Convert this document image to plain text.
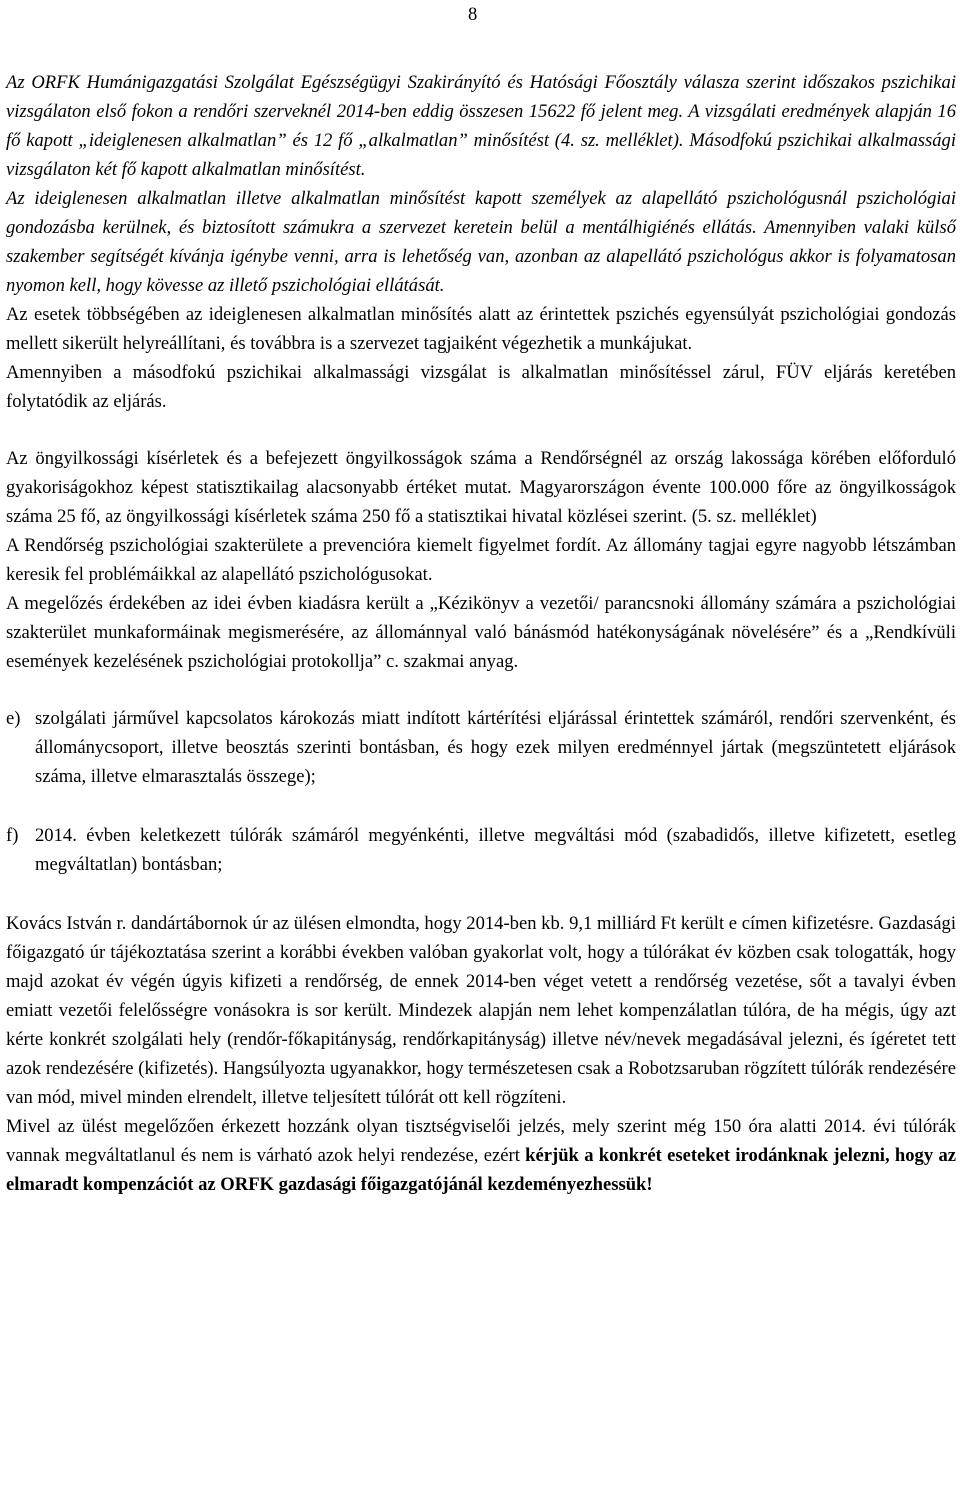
8

Az ORFK Humánigazgatási Szolgálat Egészségügyi Szakirányító és Hatósági Főosztály válasza szerint időszakos pszichikai vizsgálaton első fokon a rendőri szerveknél 2014-ben eddig összesen 15622 fő jelent meg. A vizsgálati eredmények alapján 16 fő kapott „ideiglenesen alkalmatlan” és 12 fő „alkalmatlan” minősítést (4. sz. melléklet). Másodfokú pszichikai alkalmassági vizsgálaton két fő kapott alkalmatlan minősítést.

Az ideiglenesen alkalmatlan illetve alkalmatlan minősítést kapott személyek az alapellátó pszichológusnál pszichológiai gondozásba kerülnek, és biztosított számukra a szervezet keretein belül a mentálhigiénés ellátás. Amennyiben valaki külső szakember segítségét kívánja igénybe venni, arra is lehetőség van, azonban az alapellátó pszichológus akkor is folyamatosan nyomon kell, hogy kövesse az illető pszichológiai ellátását.

Az esetek többségében az ideiglenesen alkalmatlan minősítés alatt az érintettek pszichés egyensúlyát pszichológiai gondozás mellett sikerült helyreállítani, és továbbra is a szervezet tagjaiként végezhetik a munkájukat.

Amennyiben a másodfokú pszichikai alkalmassági vizsgálat is alkalmatlan minősítéssel zárul, FÜV eljárás keretében folytatódik az eljárás.

Az öngyilkossági kísérletek és a befejezett öngyilkosságok száma a Rendőrségnél az ország lakossága körében előforduló gyakoriságokhoz képest statisztikailag alacsonyabb értéket mutat. Magyarországon évente 100.000 főre az öngyilkosságok száma 25 fő, az öngyilkossági kísérletek száma 250 fő a statisztikai hivatal közlései szerint. (5. sz. melléklet)

A Rendőrség pszichológiai szakterülete a prevencióra kiemelt figyelmet fordít. Az állomány tagjai egyre nagyobb létszámban keresik fel problémáikkal az alapellátó pszichológusokat.

A megelőzés érdekében az idei évben kiadásra került a „Kézikönyv a vezetői/ parancsnoki állomány számára a pszichológiai szakterület munkaformáinak megismerésére, az állománnyal való bánásmód hatékonyságának növelésére” és a „Rendkívüli események kezelésének pszichológiai protokollja” c. szakmai anyag.

e) szolgálati járművel kapcsolatos károkozás miatt indított kártérítési eljárással érintettek számáról, rendőri szervenként, és állománycsoport, illetve beosztás szerinti bontásban, és hogy ezek milyen eredménnyel jártak (megszüntetett eljárások száma, illetve elmarasztalás összege);
f) 2014. évben keletkezett túlórák számáról megyénkénti, illetve megváltási mód (szabadidős, illetve kifizetett, esetleg megváltatlan) bontásban;

Kovács István r. dandártábornok úr az ülésen elmondta, hogy 2014-ben kb. 9,1 milliárd Ft került e címen kifizetésre. Gazdasági főigazgató úr tájékoztatása szerint a korábbi években valóban gyakorlat volt, hogy a túlórákat év közben csak tologatták, hogy majd azokat év végén úgyis kifizeti a rendőrség, de ennek 2014-ben véget vetett a rendőrség vezetése, sőt a tavalyi évben emiatt vezetői felelősségre vonásokra is sor került. Mindezek alapján nem lehet kompenzálatlan túlóra, de ha mégis, úgy azt kérte konkrét szolgálati hely (rendőr-főkapitányság, rendőrkapitányság) illetve név/nevek megadásával jelezni, és ígéretet tett azok rendezésére (kifizetés). Hangsúlyozta ugyanakkor, hogy természetesen csak a Robotzsaruban rögzített túlórák rendezésére van mód, mivel minden elrendelt, illetve teljesített túlórát ott kell rögzíteni.

Mivel az ülést megelőzően érkezett hozzánk olyan tisztségviselői jelzés, mely szerint még 150 óra alatti 2014. évi túlórák vannak megváltatlanul és nem is várható azok helyi rendezése, ezért kérjük a konkrét eseteket irodánknak jelezni, hogy az elmaradt kompenzációt az ORFK gazdasági főigazgatójánál kezdeményezhessük!
